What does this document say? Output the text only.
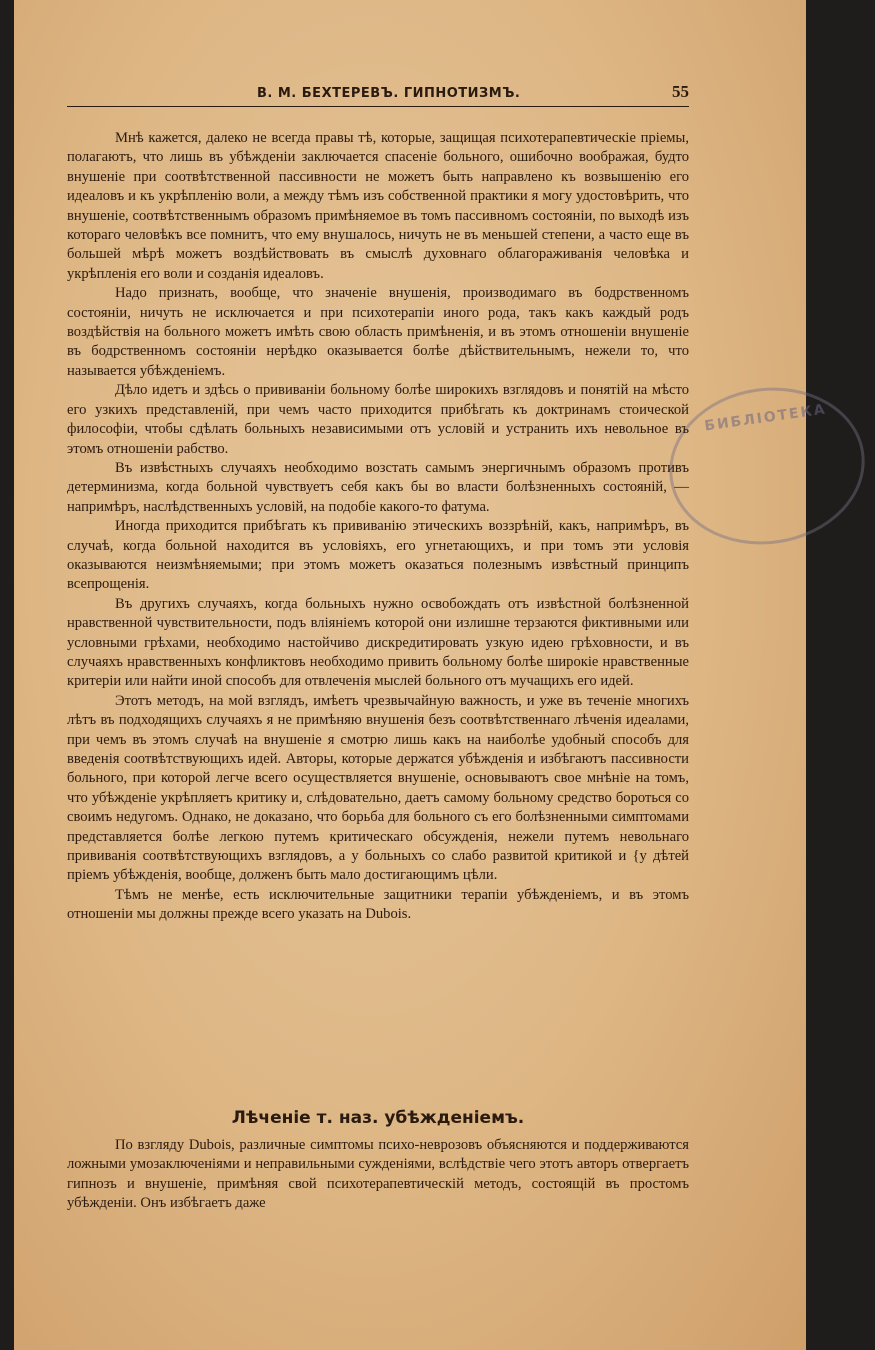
БИБЛІОТЕКА
В. М. БЕХТЕРЕВЪ. ГИПНОТИЗМЪ.	55

Мнѣ кажется, далеко не всегда правы тѣ, которые, защищая психотерапевтическіе пріемы, полагаютъ, что лишь въ убѣжденіи заключается спасеніе больного, ошибочно воображая, будто внушеніе при соотвѣтственной пассивности не можетъ быть направлено къ возвышенію его идеаловъ и къ укрѣпленію воли, а между тѣмъ изъ собственной практики я могу удостовѣрить, что внушеніе, соотвѣтственнымъ образомъ примѣняемое въ томъ пассивномъ состояніи, по выходѣ изъ котораго человѣкъ все помнитъ, что ему внушалось, ничуть не въ меньшей степени, а часто еще въ большей мѣрѣ можетъ воздѣйствовать въ смыслѣ духовнаго облагораживанія человѣка и укрѣпленія его воли и созданія идеаловъ.

Надо признать, вообще, что значеніе внушенія, производимаго въ бодрственномъ состояніи, ничуть не исключается и при психотерапіи иного рода, такъ какъ каждый родъ воздѣйствія на больного можетъ имѣть свою область примѣненія, и въ этомъ отношеніи внушеніе въ бодрственномъ состояніи нерѣдко оказывается болѣе дѣйствительнымъ, нежели то, что называется убѣжденіемъ.

Дѣло идетъ и здѣсь о прививаніи больному болѣе широкихъ взглядовъ и понятій на мѣсто его узкихъ представленій, при чемъ часто приходится прибѣгать къ доктринамъ стоической философіи, чтобы сдѣлать больныхъ независимыми отъ условій и устранить ихъ невольное въ этомъ отношеніи рабство.

Въ извѣстныхъ случаяхъ необходимо возстать самымъ энергичнымъ образомъ противъ детерминизма, когда больной чувствуетъ себя какъ бы во власти болѣзненныхъ состояній, — напримѣръ, наслѣдственныхъ условій, на подобіе какого-то фатума.

Иногда приходится прибѣгать къ прививанію этическихъ воззрѣній, какъ, напримѣръ, въ случаѣ, когда больной находится въ условіяхъ, его угнетающихъ, и при томъ эти условія оказываются неизмѣняемыми; при этомъ можетъ оказаться полезнымъ извѣстный принципъ всепрощенія.

Въ другихъ случаяхъ, когда больныхъ нужно освобождать отъ извѣстной болѣзненной нравственной чувствительности, подъ вліяніемъ которой они излишне терзаются фиктивными или условными грѣхами, необходимо настойчиво дискредитировать узкую идею грѣховности, и въ случаяхъ нравственныхъ конфликтовъ необходимо привить больному болѣе широкіе нравственные критеріи или найти иной способъ для отвлеченія мыслей больного отъ мучащихъ его идей.

Этотъ методъ, на мой взглядъ, имѣетъ чрезвычайную важность, и уже въ теченіе многихъ лѣтъ въ подходящихъ случаяхъ я не примѣняю внушенія безъ соотвѣтственнаго лѣченія идеалами, при чемъ въ этомъ случаѣ на внушеніе я смотрю лишь какъ на наиболѣе удобный способъ для введенія соотвѣтствующихъ идей. Авторы, которые держатся убѣжденія и избѣгаютъ пассивности больного, при которой легче всего осуществляется внушеніе, основываютъ свое мнѣніе на томъ, что убѣжденіе укрѣпляетъ критику и, слѣдовательно, даетъ самому больному средство бороться со своимъ недугомъ. Однако, не доказано, что борьба для больного съ его болѣзненными симптомами представляется болѣе легкою путемъ критическаго обсужденія, нежели путемъ невольнаго прививанія соотвѣтствующихъ взглядовъ, а у больныхъ со слабо развитой критикой и {у дѣтей пріемъ убѣжденія, вообще, долженъ быть мало достигающимъ цѣли.

Тѣмъ не менѣе, есть исключительные защитники терапіи убѣжденіемъ, и въ этомъ отношеніи мы должны прежде всего указать на Dubois.

Лѣченіе т. наз. убѣжденіемъ.

По взгляду Dubois, различные симптомы психо-неврозовъ объясняются и поддерживаются ложными умозаключеніями и неправильными сужденіями, вслѣдствіе чего этотъ авторъ отвергаетъ гипнозъ и внушеніе, примѣняя свой психотерапевтическій методъ, состоящій въ простомъ убѣжденіи. Онъ избѣгаетъ даже
